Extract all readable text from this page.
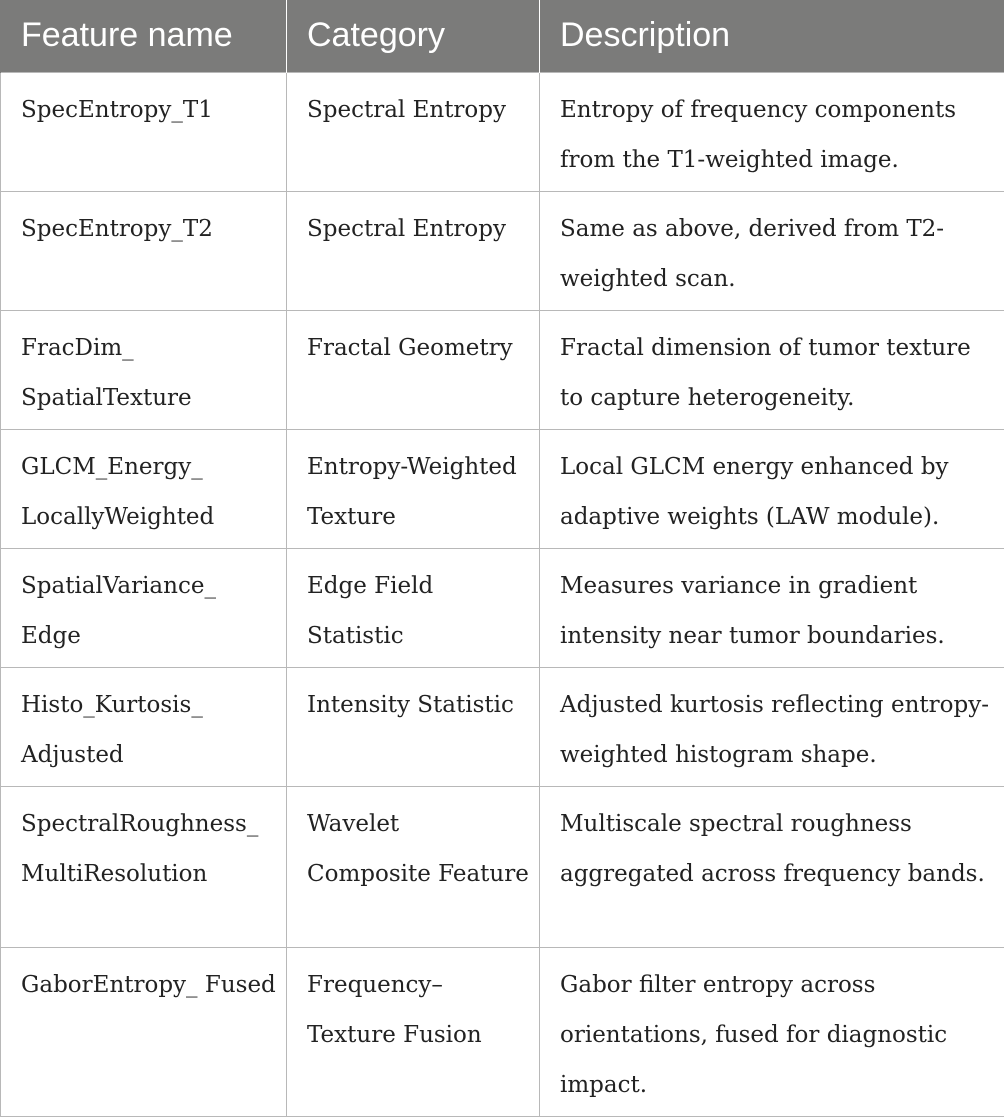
Feature name	Category	Description
SpecEntropy_T1	Spectral Entropy	Entropy of frequency components from the T1-weighted image.
SpecEntropy_T2	Spectral Entropy	Same as above, derived from T2-weighted scan.
FracDim_ SpatialTexture	Fractal Geometry	Fractal dimension of tumor texture to capture heterogeneity.
GLCM_Energy_ LocallyWeighted	Entropy-Weighted Texture	Local GLCM energy enhanced by adaptive weights (LAW module).
SpatialVariance_ Edge	Edge Field Statistic	Measures variance in gradient intensity near tumor boundaries.
Histo_Kurtosis_ Adjusted	Intensity Statistic	Adjusted kurtosis reflecting entropy-weighted histogram shape.
SpectralRoughness_ MultiResolution	Wavelet Composite Feature	Multiscale spectral roughness aggregated across frequency bands.
GaborEntropy_ Fused	Frequency–Texture Fusion	Gabor filter entropy across orientations, fused for diagnostic impact.
